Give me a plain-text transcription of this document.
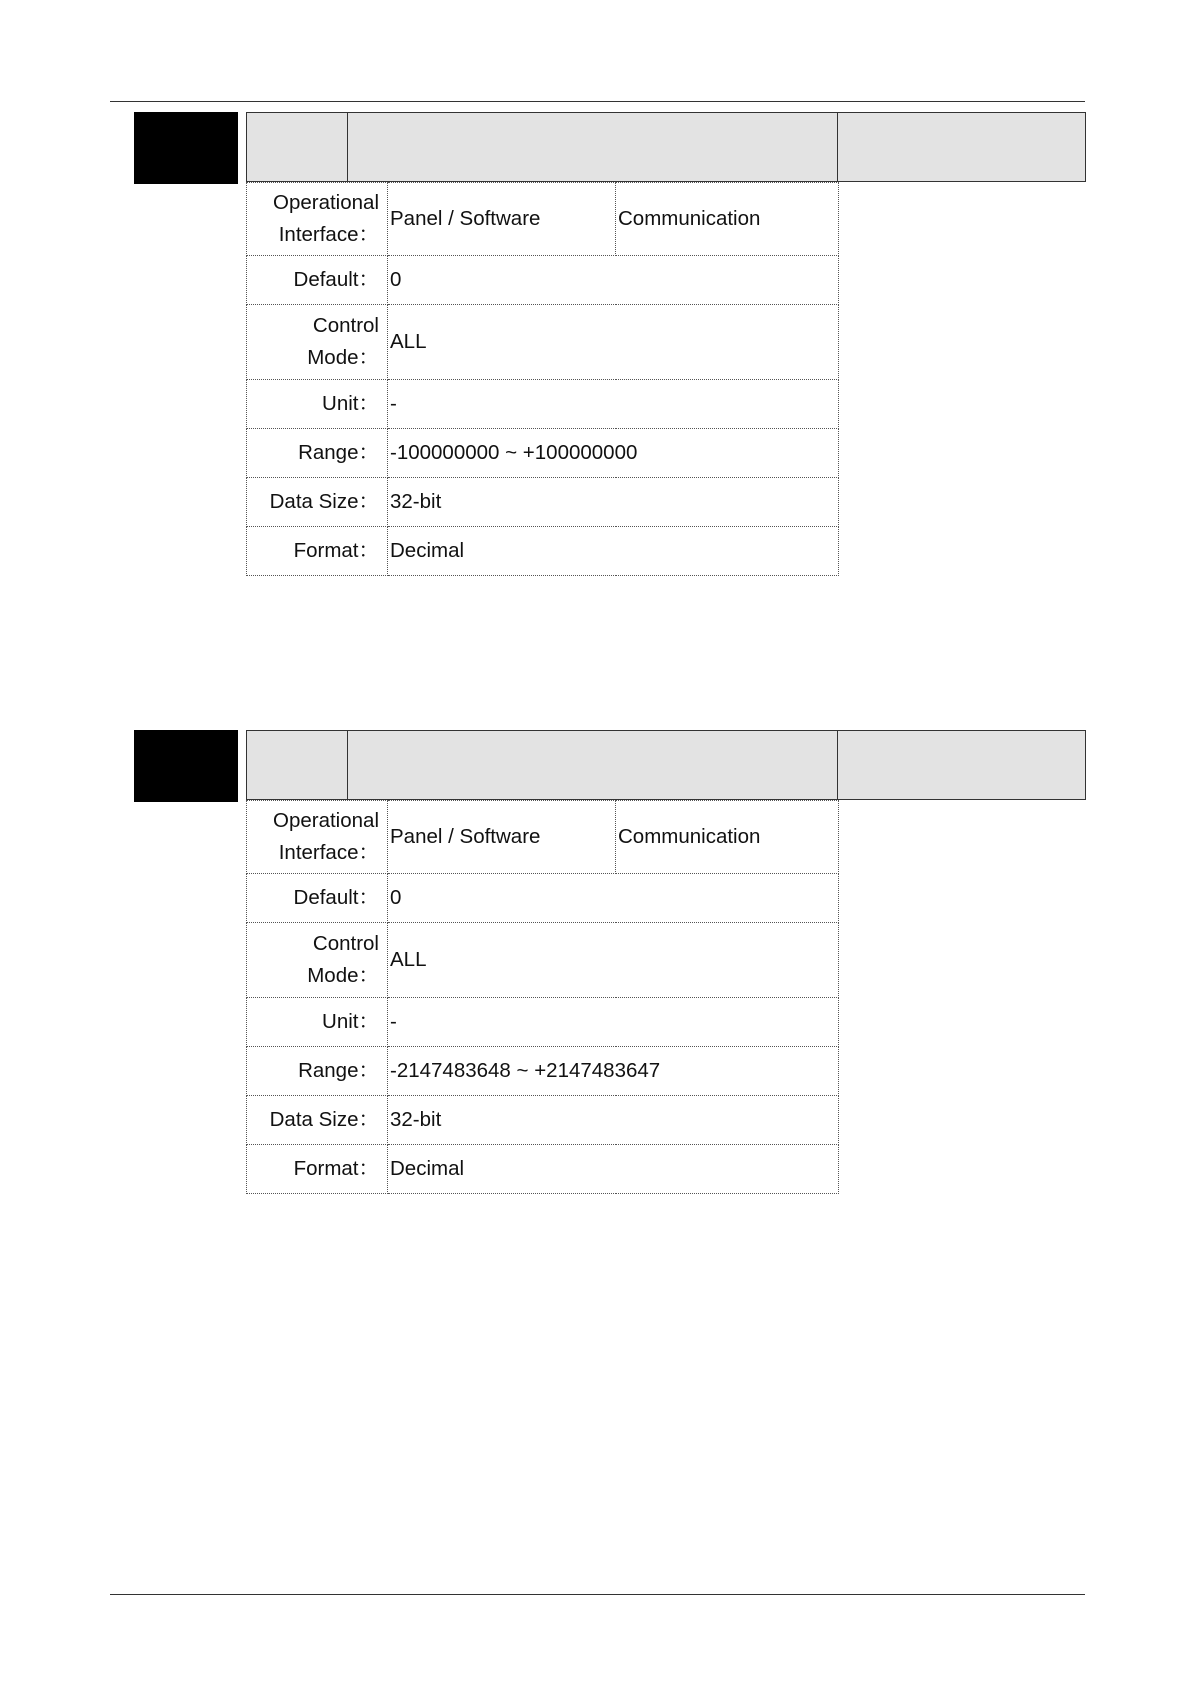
Operational
Interface：	Panel / Software	Communication
Default：	0	

Control
Mode：	ALL	
Unit：	-	
Range：	-100000000 ~ +100000000	
Data Size：	32-bit	
Format：	Decimal	
Operational
Interface：	Panel / Software	Communication
Default：	0	

Control
Mode：	ALL	
Unit：	-	
Range：	-2147483648 ~ +2147483647	
Data Size：	32-bit	
Format：	Decimal	
